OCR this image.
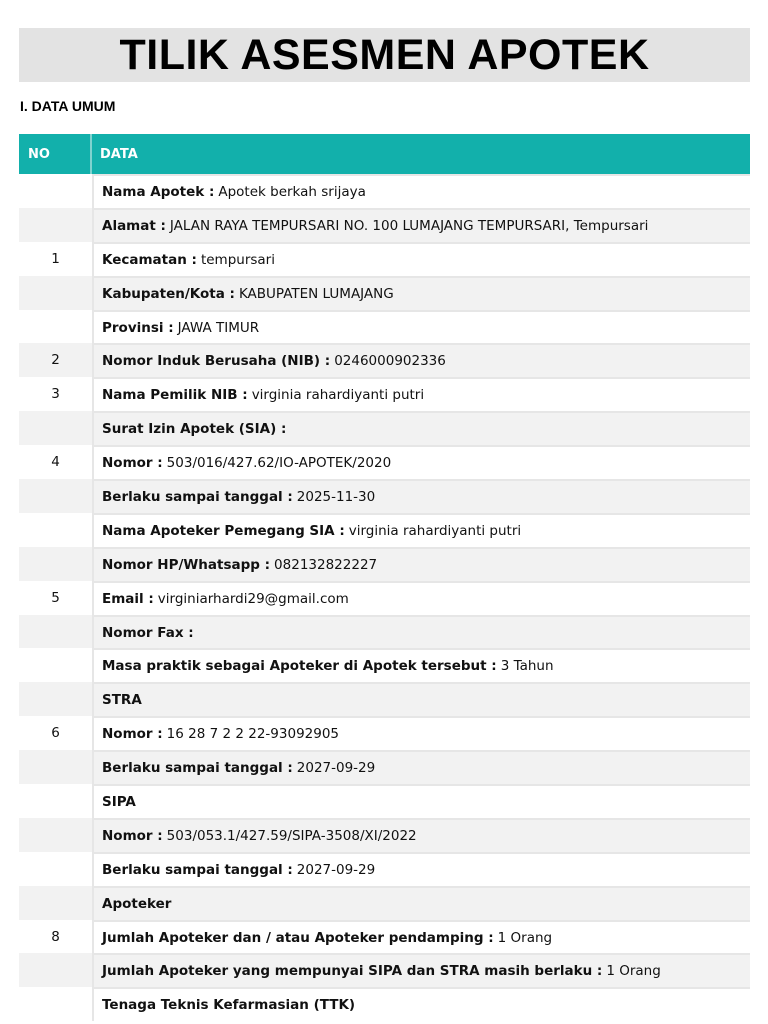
TILIK ASESMEN APOTEK
I. DATA UMUM
NO	DATA
Nama Apotek : Apotek berkah srijaya
Alamat : JALAN RAYA TEMPURSARI NO. 100 LUMAJANG TEMPURSARI, Tempursari
1	Kecamatan : tempursari
Kabupaten/Kota : KABUPATEN LUMAJANG
Provinsi : JAWA TIMUR
2	Nomor Induk Berusaha (NIB) : 0246000902336
3	Nama Pemilik NIB : virginia rahardiyanti putri
Surat Izin Apotek (SIA) :
4	Nomor : 503/016/427.62/IO-APOTEK/2020
Berlaku sampai tanggal : 2025-11-30
Nama Apoteker Pemegang SIA : virginia rahardiyanti putri
Nomor HP/Whatsapp : 082132822227
5	Email : virginiarhardi29@gmail.com
Nomor Fax :
Masa praktik sebagai Apoteker di Apotek tersebut : 3 Tahun
STRA
6	Nomor : 16 28 7 2 2 22-93092905
Berlaku sampai tanggal : 2027-09-29
SIPA
Nomor : 503/053.1/427.59/SIPA-3508/XI/2022
Berlaku sampai tanggal : 2027-09-29
Apoteker
8	Jumlah Apoteker dan / atau Apoteker pendamping : 1 Orang
Jumlah Apoteker yang mempunyai SIPA dan STRA masih berlaku : 1 Orang
Tenaga Teknis Kefarmasian (TTK)
